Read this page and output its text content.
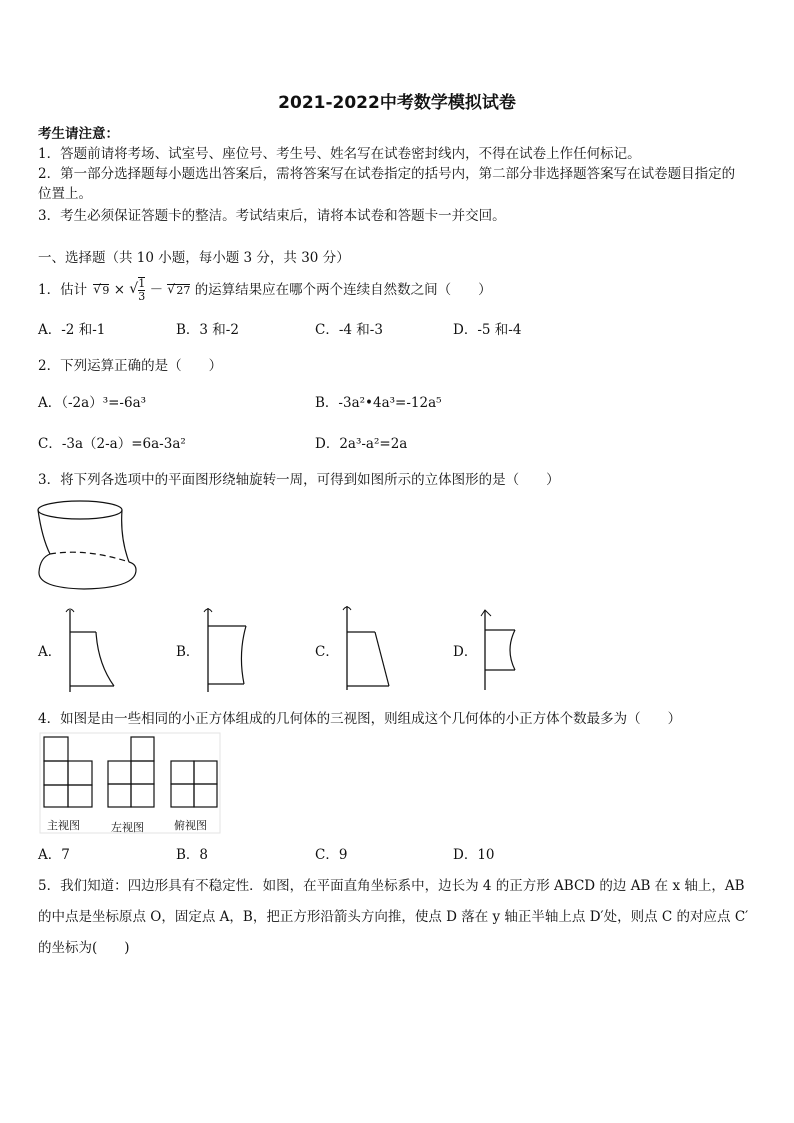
2021-2022中考数学模拟试卷
考生请注意：
1．答题前请将考场、试室号、座位号、考生号、姓名写在试卷密封线内，不得在试卷上作任何标记。
2．第一部分选择题每小题选出答案后，需将答案写在试卷指定的括号内，第二部分非选择题答案写在试卷题目指定的
位置上。
3．考生必须保证答题卡的整洁。考试结束后，请将本试卷和答题卡一并交回。
一、选择题（共 10 小题，每小题 3 分，共 30 分）
1．估计 √ 9 × √ $\frac{1}{3}$ － √ 27 的运算结果应在哪个两个连续自然数之间（　　）
A．-2 和-1	B．3 和-2	C．-4 和-3	D．-5 和-4
2．下列运算正确的是（　　）
A．（-2a）³=-6a³	B．-3a²•4a³=-12a⁵
C．-3a（2-a）=6a-3a²	D．2a³-a²=2a
3．将下列各选项中的平面图形绕轴旋转一周，可得到如图所示的立体图形的是（　　）
A．	B．	C．	D．
4．如图是由一些相同的小正方体组成的几何体的三视图，则组成这个几何体的小正方体个数最多为（　　）
主视图	左视图	俯视图
A．7	B．8	C．9	D．10
5．我们知道：四边形具有不稳定性．如图，在平面直角坐标系中，边长为 4 的正方形 ABCD 的边 AB 在 x 轴上，AB
的中点是坐标原点 O，固定点 A，B，把正方形沿箭头方向推，使点 D 落在 y 轴正半轴上点 D′处，则点 C 的对应点 C′
的坐标为(　　)
